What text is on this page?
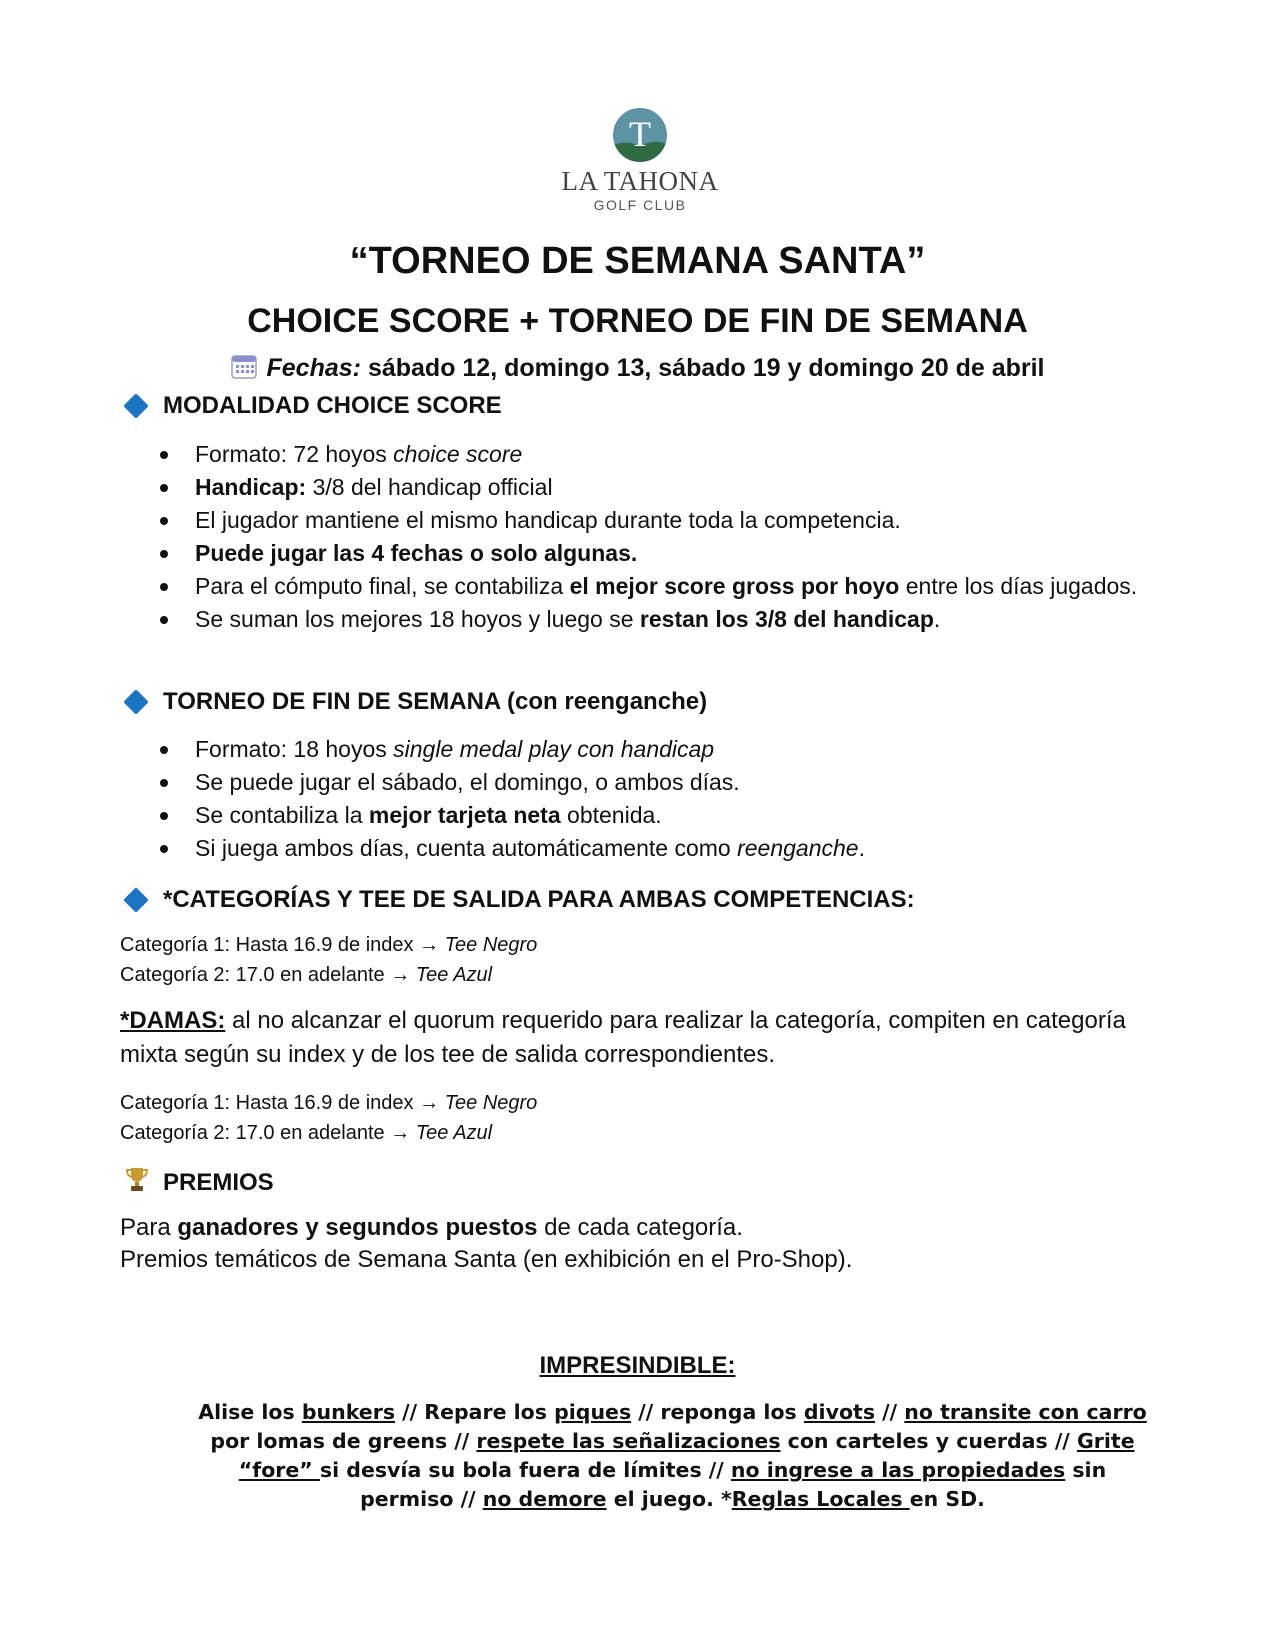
T
LA TAHONA
GOLF CLUB
“TORNEO DE SEMANA SANTA”
CHOICE SCORE + TORNEO DE FIN DE SEMANA
Fechas: sábado 12, domingo 13, sábado 19 y domingo 20 de abril
MODALIDAD CHOICE SCORE
Formato: 72 hoyos choice score
Handicap: 3/8 del handicap official
El jugador mantiene el mismo handicap durante toda la competencia.
Puede jugar las 4 fechas o solo algunas.
Para el cómputo final, se contabiliza el mejor score gross por hoyo entre los días jugados.
Se suman los mejores 18 hoyos y luego se restan los 3/8 del handicap.
TORNEO DE FIN DE SEMANA (con reenganche)
Formato: 18 hoyos single medal play con handicap
Se puede jugar el sábado, el domingo, o ambos días.
Se contabiliza la mejor tarjeta neta obtenida.
Si juega ambos días, cuenta automáticamente como reenganche.
*CATEGORÍAS Y TEE DE SALIDA PARA AMBAS COMPETENCIAS:
Categoría 1: Hasta 16.9 de index → Tee Negro
Categoría 2: 17.0 en adelante → Tee Azul
*DAMAS: al no alcanzar el quorum requerido para realizar la categoría, compiten en categoría mixta según su index y de los tee de salida correspondientes.
Categoría 1: Hasta 16.9 de index → Tee Negro
Categoría 2: 17.0 en adelante → Tee Azul
PREMIOS
Para ganadores y segundos puestos de cada categoría.
Premios temáticos de Semana Santa (en exhibición en el Pro-Shop).
IMPRESINDIBLE:
Alise los bunkers // Repare los piques // reponga los divots // no transite con carro por lomas de greens // respete las señalizaciones con carteles y cuerdas // Grite “fore” si desvía su bola fuera de límites // no ingrese a las propiedades sin permiso // no demore el juego. *Reglas Locales en SD.
